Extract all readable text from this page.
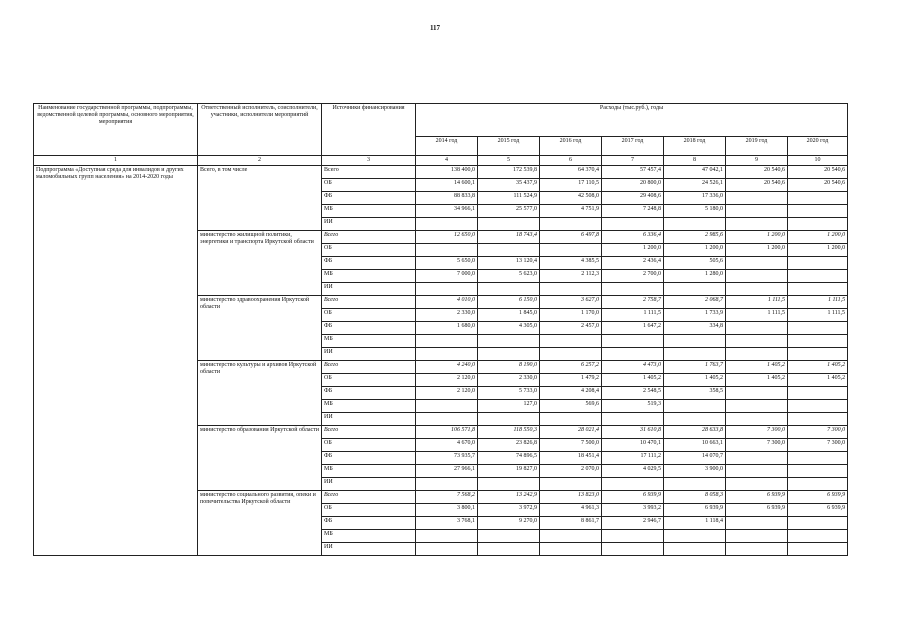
117
Наименование государственной программы, подпрограммы, ведомственной целевой программы, основного мероприятия, мероприятия	Ответственный исполнитель, соисполнители, участники, исполнители мероприятий	Источники финансирования	Расходы (тыс.руб.), годы						
			2014 год	2015 год	2016 год	2017 год	2018 год	2019 год	2020 год
1	2	3	4	5	6	7	8	9	10
Подпрограмма «Доступная среда для инвалидов и других маломобильных групп населения» на 2014-2020 годы	Всего, в том числе	Всего	138 400,0	172 539,8	64 370,4	57 457,4	47 042,1	20 540,6	20 540,6
		ОБ	14 600,1	35 437,9	17 110,5	20 800,0	24 526,1	20 540,6	20 540,6
		ФБ	88 833,8	111 524,9	42 508,0	29 408,6	17 336,0		
		МБ	34 966,1	25 577,0	4 751,9	7 248,8	5 180,0		
		ИИ							
	министерство жилищной политики, энергетики и транспорта Иркутской области	Всего	12 650,0	18 743,4	6 497,8	6 336,4	2 985,6	1 200,0	1 200,0
		ОБ				1 200,0	1 200,0	1 200,0	1 200,0
		ФБ	5 650,0	13 120,4	4 385,5	2 436,4	505,6		
		МБ	7 000,0	5 623,0	2 112,3	2 700,0	1 280,0		
		ИИ							
	министерство здравоохранения Иркутской области	Всего	4 010,0	6 150,0	3 627,0	2 758,7	2 068,7	1 111,5	1 111,5
		ОБ	2 330,0	1 845,0	1 170,0	1 111,5	1 733,9	1 111,5	1 111,5
		ФБ	1 680,0	4 305,0	2 457,0	1 647,2	334,8		
		МБ							
		ИИ							
	министерство культуры и архивов Иркутской области	Всего	4 240,0	8 190,0	6 257,2	4 473,0	1 763,7	1 405,2	1 405,2
		ОБ	2 120,0	2 330,0	1 479,2	1 405,2	1 405,2	1 405,2	1 405,2
		ФБ	2 120,0	5 733,0	4 208,4	2 548,5	358,5		
		МБ		127,0	569,6	519,3			
		ИИ							
	министерство образования Иркутской области	Всего	106 571,8	118 550,3	28 021,4	31 610,8	28 633,8	7 300,0	7 300,0
		ОБ	4 670,0	23 826,8	7 500,0	10 470,1	10 663,1	7 300,0	7 300,0
		ФБ	73 935,7	74 896,5	18 451,4	17 111,2	14 070,7		
		МБ	27 966,1	19 827,0	2 070,0	4 029,5	3 900,0		
		ИИ							
	министерство социального развития, опеки и попечительства Иркутской области	Всего	7 568,2	13 242,9	13 823,0	6 939,9	8 058,3	6 939,9	6 939,9
		ОБ	3 800,1	3 972,9	4 961,3	3 993,2	6 939,9	6 939,9	6 939,9
		ФБ	3 768,1	9 270,0	8 861,7	2 946,7	1 118,4		
		МБ							
		ИИ							
